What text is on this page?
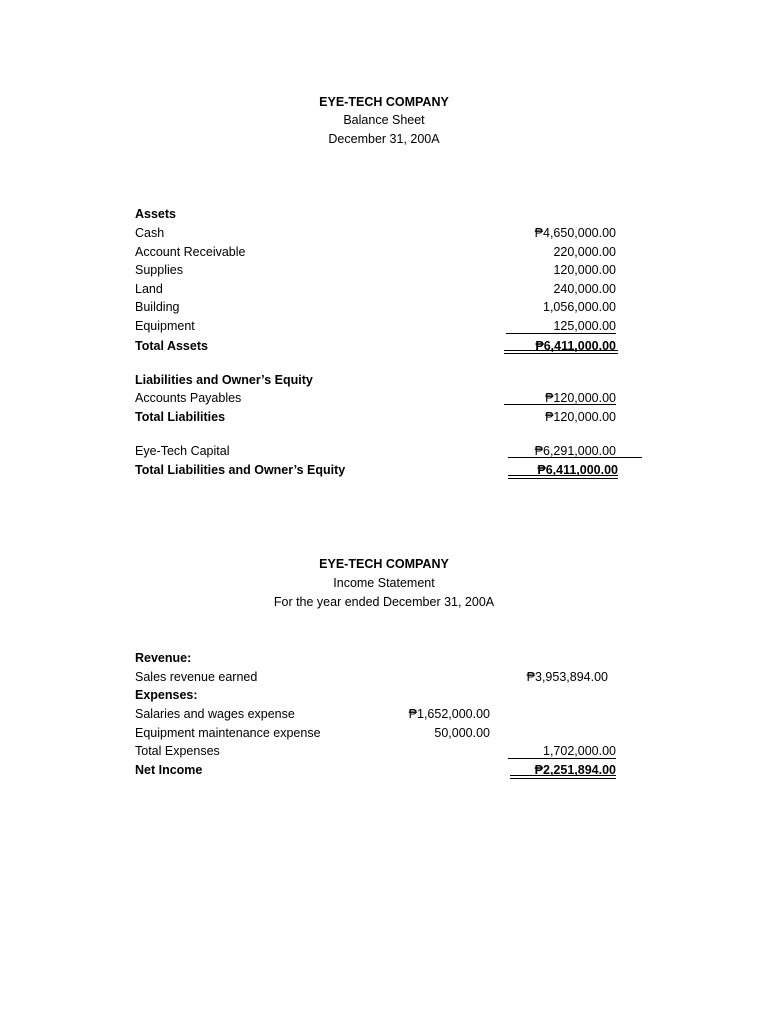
EYE-TECH COMPANY
Balance Sheet
December 31, 200A
Assets
Cash	₱4,650,000.00
Account Receivable	220,000.00
Supplies	120,000.00
Land	240,000.00
Building	1,056,000.00
Equipment	125,000.00
Total Assets	₱6,411,000.00
Liabilities and Owner’s Equity
Accounts Payables	₱120,000.00
Total Liabilities	₱120,000.00
Eye-Tech Capital	₱6,291,000.00
Total Liabilities and Owner’s Equity	₱6,411,000.00
EYE-TECH COMPANY
Income Statement
For the year ended December 31, 200A
Revenue:
Sales revenue earned	₱3,953,894.00
Expenses:
Salaries and wages expense	₱1,652,000.00
Equipment maintenance expense	50,000.00
Total Expenses	1,702,000.00
Net Income	₱2,251,894.00
